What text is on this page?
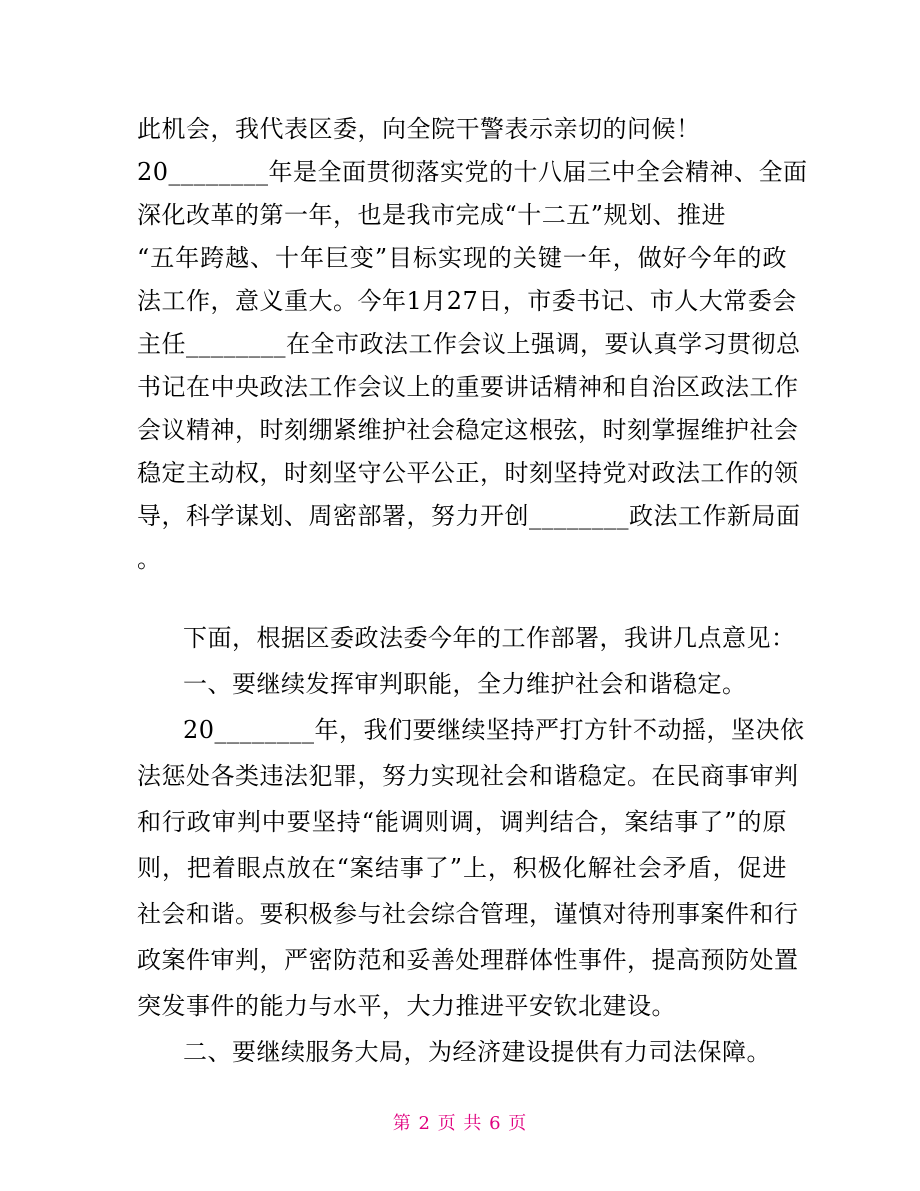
此机会，我代表区委，向全院干警表示亲切的问候！
20________年是全面贯彻落实党的十八届三中全会精神、全面
深化改革的第一年，也是我市完成“十二五”规划、推进
“五年跨越、十年巨变”目标实现的关键一年，做好今年的政
法工作，意义重大。今年1月27日，市委书记、市人大常委会
主任________在全市政法工作会议上强调，要认真学习贯彻总
书记在中央政法工作会议上的重要讲话精神和自治区政法工作
会议精神，时刻绷紧维护社会稳定这根弦，时刻掌握维护社会
稳定主动权，时刻坚守公平公正，时刻坚持党对政法工作的领
导，科学谋划、周密部署，努力开创________政法工作新局面
。
下面，根据区委政法委今年的工作部署，我讲几点意见：
一、要继续发挥审判职能，全力维护社会和谐稳定。
20________年，我们要继续坚持严打方针不动摇，坚决依
法惩处各类违法犯罪，努力实现社会和谐稳定。在民商事审判
和行政审判中要坚持“能调则调，调判结合，案结事了”的原
则，把着眼点放在“案结事了”上，积极化解社会矛盾，促进
社会和谐。要积极参与社会综合管理，谨慎对待刑事案件和行
政案件审判，严密防范和妥善处理群体性事件，提高预防处置
突发事件的能力与水平，大力推进平安钦北建设。
二、要继续服务大局，为经济建设提供有力司法保障。
第 2 页 共 6 页
